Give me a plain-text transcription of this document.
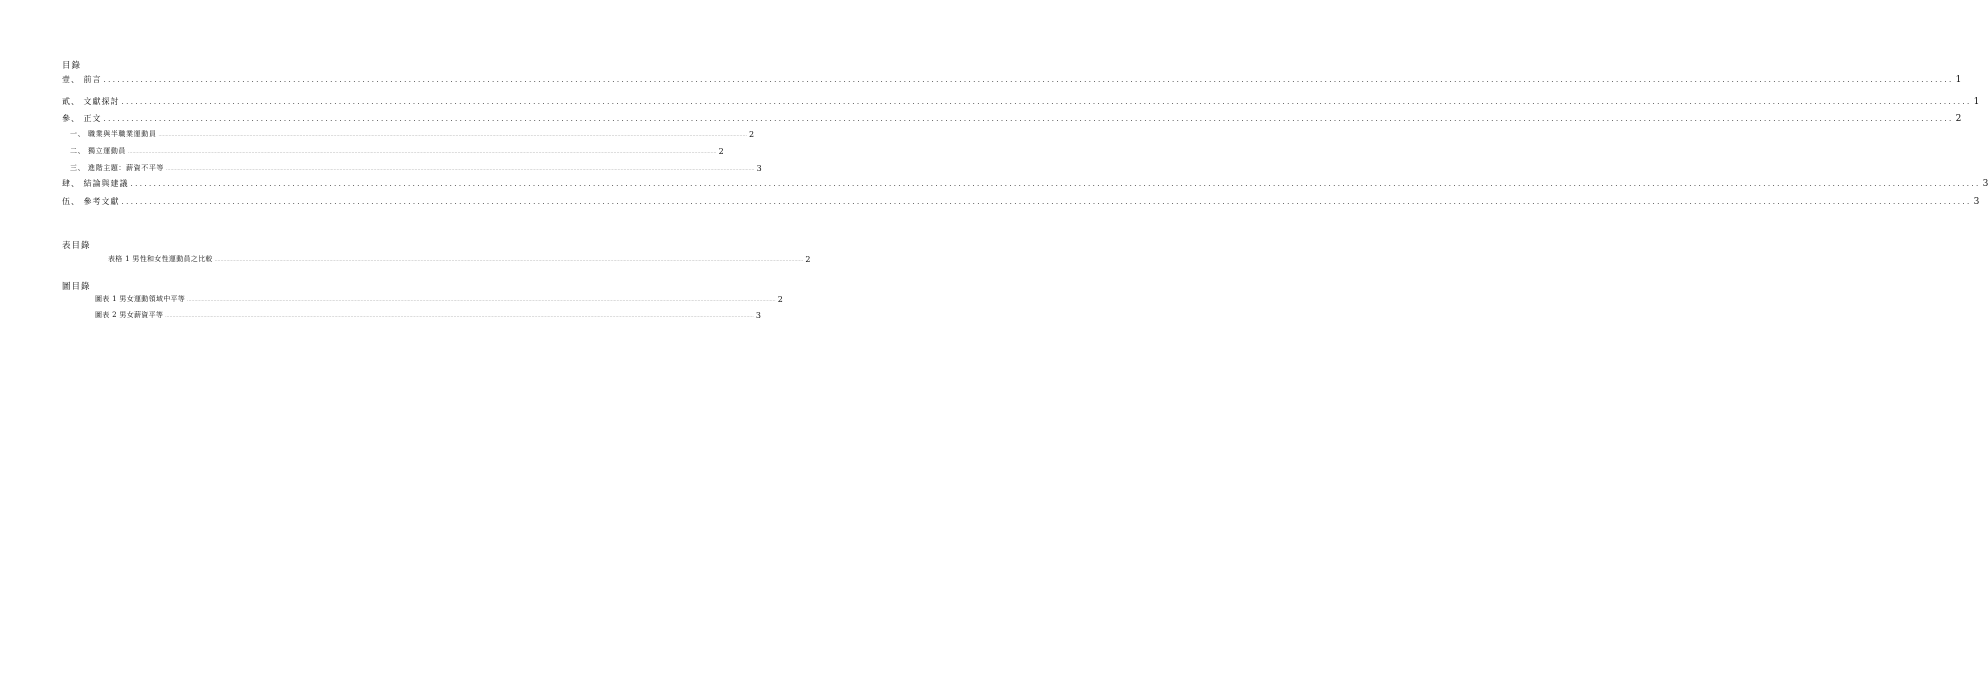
目錄
壹、 前言 ................................................................................................................................................................................................................................................................................................................................................................................................................ 1
貳、 文獻探討 ................................................................................................................................................................................................................................................................................................................................................................................................................ 1
參、 正文 ................................................................................................................................................................................................................................................................................................................................................................................................................ 2
一、 職業與半職業運動員 ................................................................................................................................................................................................................................................................................................................................................................................................................ 2
二、 獨立運動員 ................................................................................................................................................................................................................................................................................................................................................................................................................ 2
三、 進階主題：薪資不平等 ................................................................................................................................................................................................................................................................................................................................................................................................................ 3
肆、 結論與建議 ................................................................................................................................................................................................................................................................................................................................................................................................................ 3
伍、 參考文獻 ................................................................................................................................................................................................................................................................................................................................................................................................................ 3
表目錄
表格 1 男性和女性運動員之比較 ................................................................................................................................................................................................................................................................................................................................................................................................................ 2
圖目錄
圖表 1 男女運動領域中平等 ................................................................................................................................................................................................................................................................................................................................................................................................................ 2
圖表 2 男女薪資平等 ................................................................................................................................................................................................................................................................................................................................................................................................................ 3
